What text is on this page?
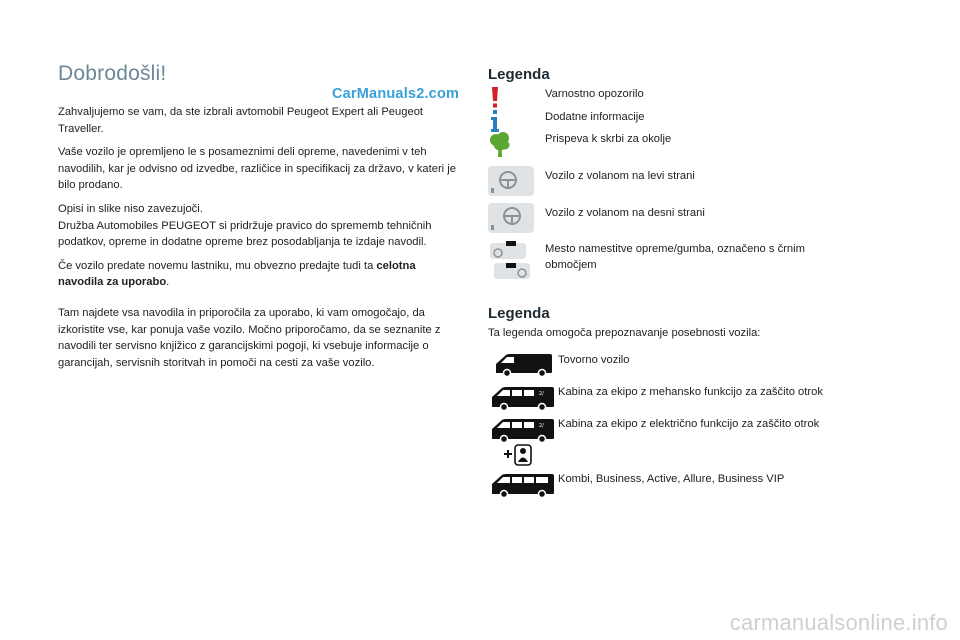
Dobrodošli!
Zahvaljujemo se vam, da ste izbrali avtomobil Peugeot Expert ali Peugeot Traveller.
Vaše vozilo je opremljeno le s posameznimi deli opreme, navedenimi v teh navodilih, kar je odvisno od izvedbe, različice in specifikacij za državo, v kateri je bilo prodano.
Opisi in slike niso zavezujoči.
Družba Automobiles PEUGEOT si pridržuje pravico do sprememb tehničnih podatkov, opreme in dodatne opreme brez posodabljanja te izdaje navodil.
Če vozilo predate novemu lastniku, mu obvezno predajte tudi ta celotna navodila za uporabo.
Tam najdete vsa navodila in priporočila za uporabo, ki vam omogočajo, da izkoristite vse, kar ponuja vaše vozilo. Močno priporočamo, da se seznanite z navodili ter servisno knjižico z garancijskimi pogoji, ki vsebuje informacije o garancijah, servisnih storitvah in pomoči na cesti za vaše vozilo.
CarManuals2.com
Legenda
Varnostno opozorilo
Dodatne informacije
Prispeva k skrbi za okolje
Vozilo z volanom na levi strani
Vozilo z volanom na desni strani
Mesto namestitve opreme/gumba, označeno s črnim območjem
Legenda
Ta legenda omogoča prepoznavanje posebnosti vozila:
Tovorno vozilo
2/ Kabina za ekipo z mehansko funkcijo za zaščito otrok
2/ Kabina za ekipo z električno funkcijo za zaščito otrok
Kombi, Business, Active, Allure, Business VIP
carmanualsonline.info
